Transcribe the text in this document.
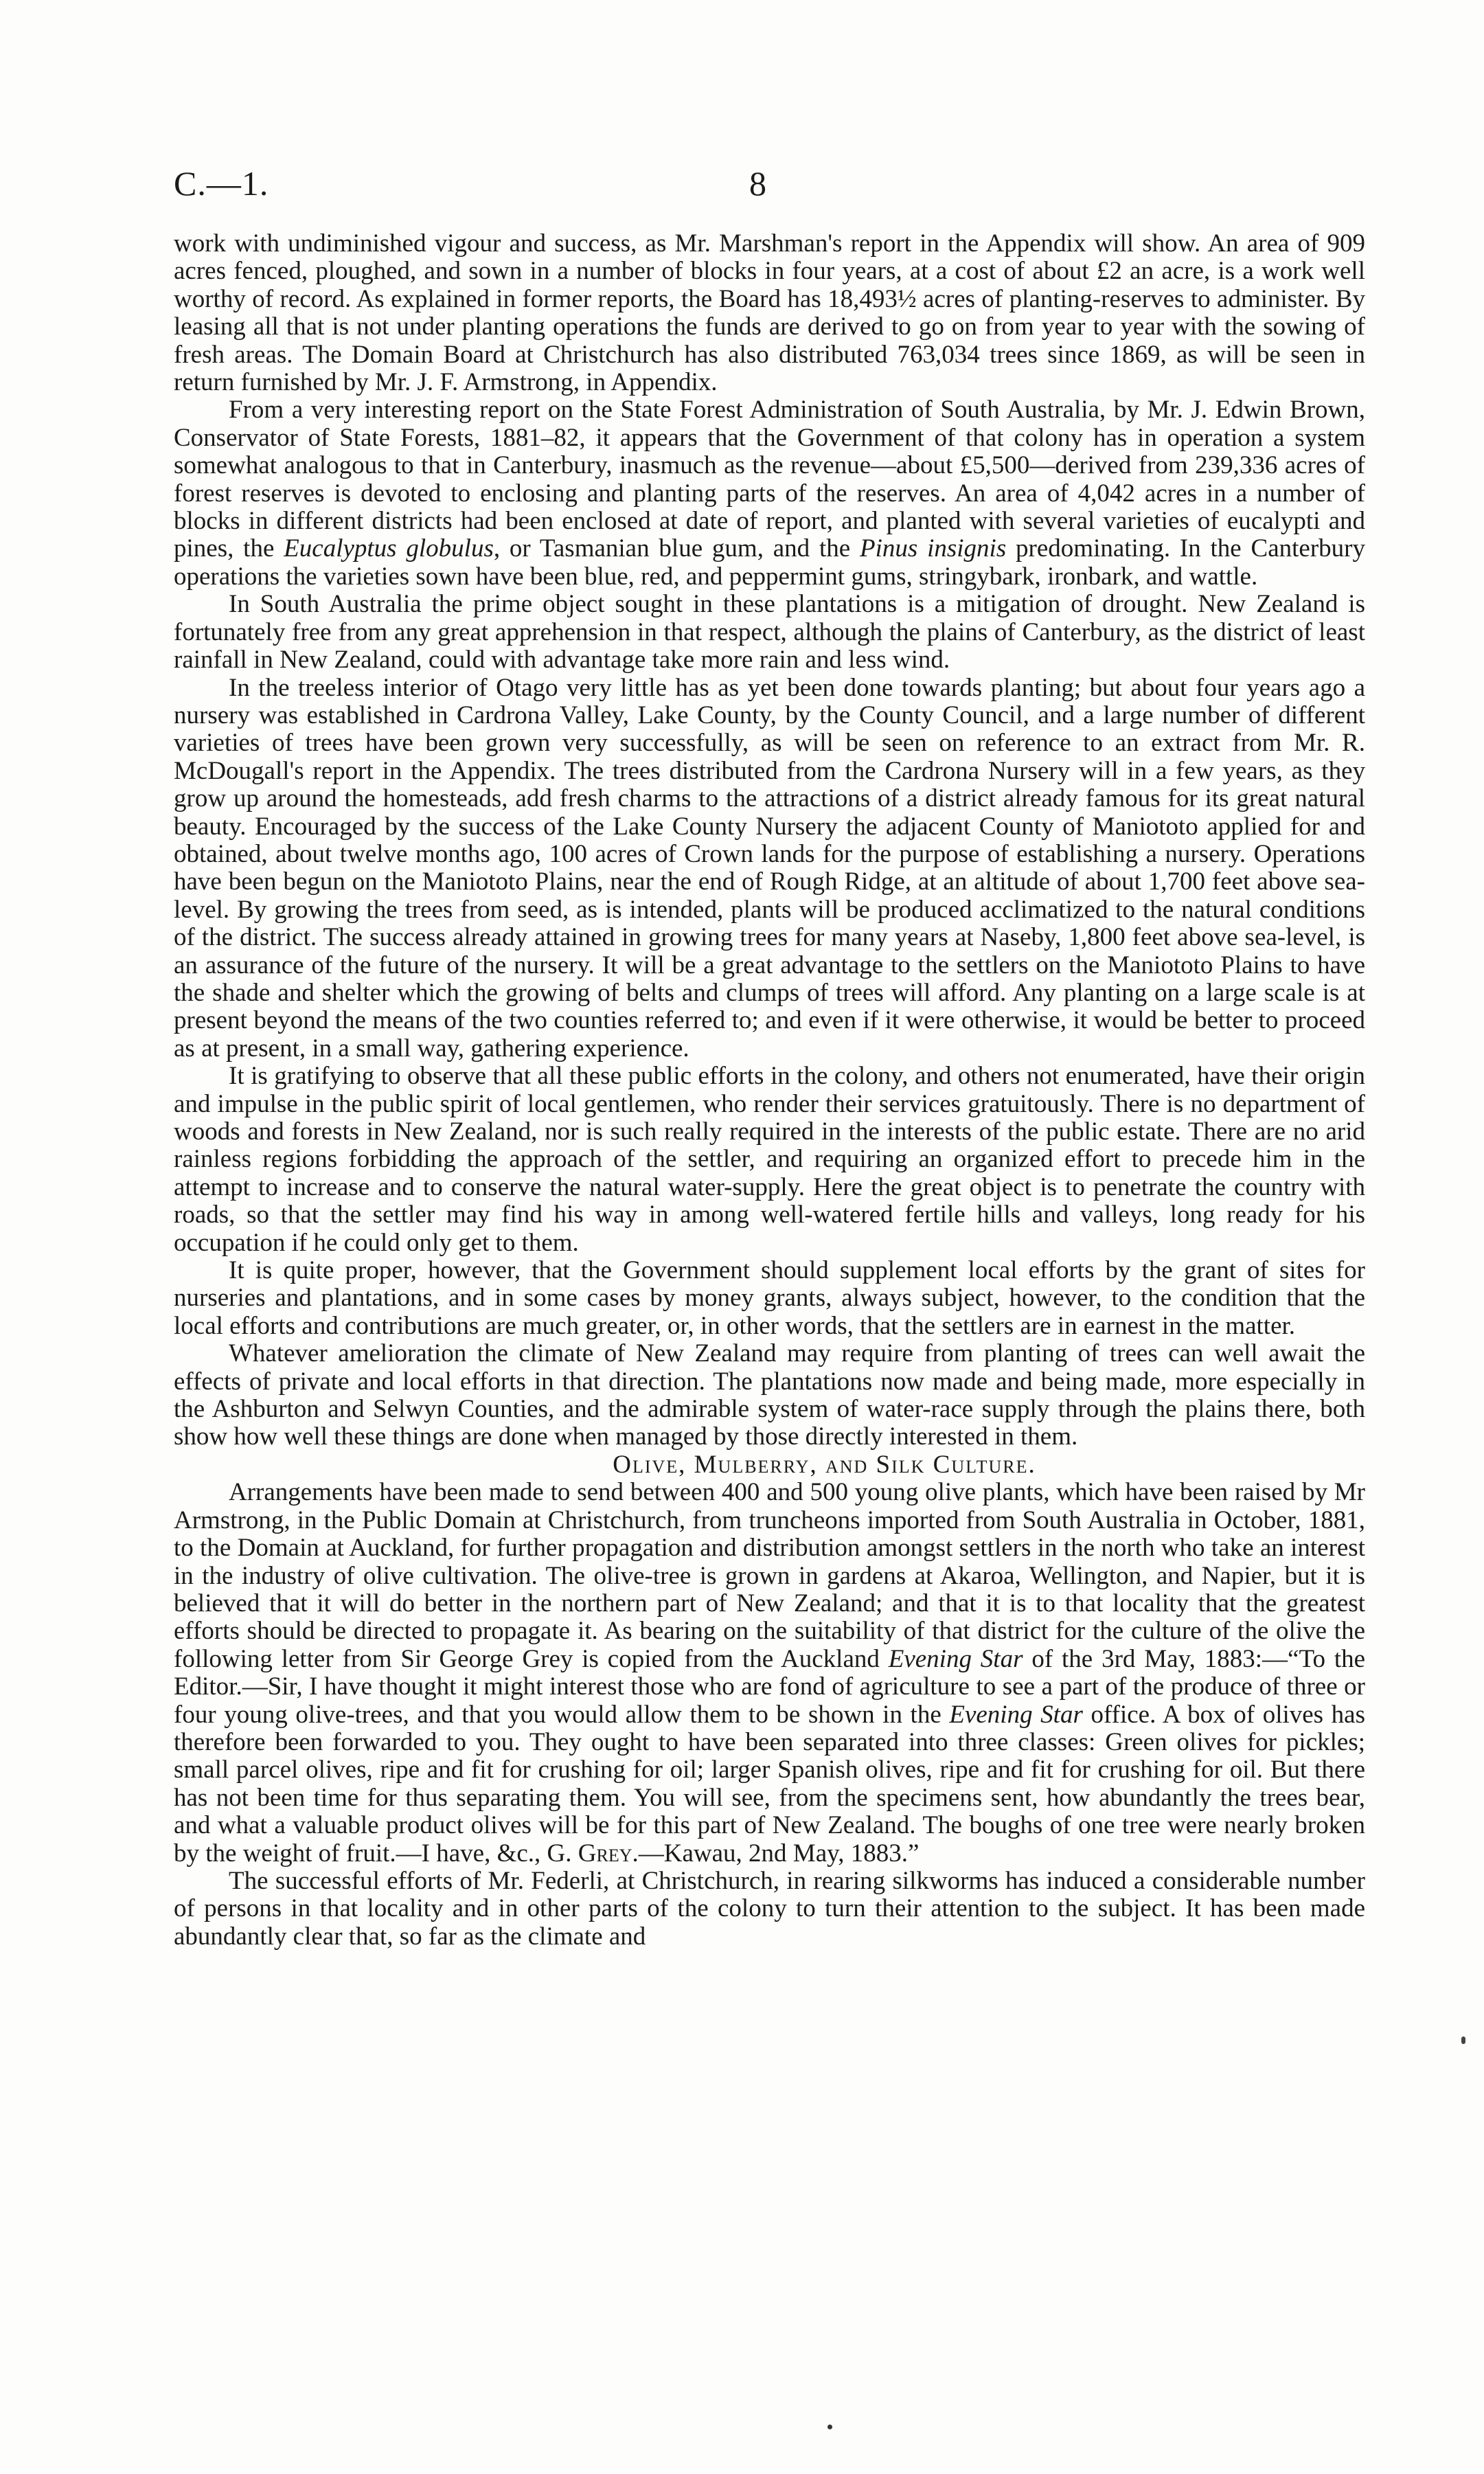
C.—1.	8

work with undiminished vigour and success, as Mr. Marshman's report in the Appendix will show. An area of 909 acres fenced, ploughed, and sown in a number of blocks in four years, at a cost of about £2 an acre, is a work well worthy of record. As explained in former reports, the Board has 18,493½ acres of planting-reserves to administer. By leasing all that is not under planting operations the funds are derived to go on from year to year with the sowing of fresh areas. The Domain Board at Christchurch has also distributed 763,034 trees since 1869, as will be seen in return furnished by Mr. J. F. Armstrong, in Appendix.

From a very interesting report on the State Forest Administration of South Australia, by Mr. J. Edwin Brown, Conservator of State Forests, 1881–82, it appears that the Government of that colony has in operation a system somewhat analogous to that in Canterbury, inasmuch as the revenue—about £5,500—derived from 239,336 acres of forest reserves is devoted to enclosing and planting parts of the reserves. An area of 4,042 acres in a number of blocks in different districts had been enclosed at date of report, and planted with several varieties of eucalypti and pines, the Eucalyptus globulus, or Tasmanian blue gum, and the Pinus insignis predominating. In the Canterbury operations the varieties sown have been blue, red, and peppermint gums, stringybark, ironbark, and wattle.

In South Australia the prime object sought in these plantations is a mitigation of drought. New Zealand is fortunately free from any great apprehension in that respect, although the plains of Canterbury, as the district of least rainfall in New Zealand, could with advantage take more rain and less wind.

In the treeless interior of Otago very little has as yet been done towards planting; but about four years ago a nursery was established in Cardrona Valley, Lake County, by the County Council, and a large number of different varieties of trees have been grown very successfully, as will be seen on reference to an extract from Mr. R. McDougall's report in the Appendix. The trees distributed from the Cardrona Nursery will in a few years, as they grow up around the homesteads, add fresh charms to the attractions of a district already famous for its great natural beauty. Encouraged by the success of the Lake County Nursery the adjacent County of Maniototo applied for and obtained, about twelve months ago, 100 acres of Crown lands for the purpose of establishing a nursery. Operations have been begun on the Maniototo Plains, near the end of Rough Ridge, at an altitude of about 1,700 feet above sea-level. By growing the trees from seed, as is intended, plants will be produced acclimatized to the natural conditions of the district. The success already attained in growing trees for many years at Naseby, 1,800 feet above sea-level, is an assurance of the future of the nursery. It will be a great advantage to the settlers on the Maniototo Plains to have the shade and shelter which the growing of belts and clumps of trees will afford. Any planting on a large scale is at present beyond the means of the two counties referred to; and even if it were otherwise, it would be better to proceed as at present, in a small way, gathering experience.

It is gratifying to observe that all these public efforts in the colony, and others not enumerated, have their origin and impulse in the public spirit of local gentlemen, who render their services gratuitously. There is no department of woods and forests in New Zealand, nor is such really required in the interests of the public estate. There are no arid rainless regions forbidding the approach of the settler, and requiring an organized effort to precede him in the attempt to increase and to conserve the natural water-supply. Here the great object is to penetrate the country with roads, so that the settler may find his way in among well-watered fertile hills and valleys, long ready for his occupation if he could only get to them.

It is quite proper, however, that the Government should supplement local efforts by the grant of sites for nurseries and plantations, and in some cases by money grants, always subject, however, to the condition that the local efforts and contributions are much greater, or, in other words, that the settlers are in earnest in the matter.

Whatever amelioration the climate of New Zealand may require from planting of trees can well await the effects of private and local efforts in that direction. The plantations now made and being made, more especially in the Ashburton and Selwyn Counties, and the admirable system of water-race supply through the plains there, both show how well these things are done when managed by those directly interested in them.

Olive, Mulberry, and Silk Culture.

Arrangements have been made to send between 400 and 500 young olive plants, which have been raised by Mr Armstrong, in the Public Domain at Christchurch, from truncheons imported from South Australia in October, 1881, to the Domain at Auckland, for further propagation and distribution amongst settlers in the north who take an interest in the industry of olive cultivation. The olive-tree is grown in gardens at Akaroa, Wellington, and Napier, but it is believed that it will do better in the northern part of New Zealand; and that it is to that locality that the greatest efforts should be directed to propagate it. As bearing on the suitability of that district for the culture of the olive the following letter from Sir George Grey is copied from the Auckland Evening Star of the 3rd May, 1883:—“To the Editor.—Sir, I have thought it might interest those who are fond of agriculture to see a part of the produce of three or four young olive-trees, and that you would allow them to be shown in the Evening Star office. A box of olives has therefore been forwarded to you. They ought to have been separated into three classes: Green olives for pickles; small parcel olives, ripe and fit for crushing for oil; larger Spanish olives, ripe and fit for crushing for oil. But there has not been time for thus separating them. You will see, from the specimens sent, how abundantly the trees bear, and what a valuable product olives will be for this part of New Zealand. The boughs of one tree were nearly broken by the weight of fruit.—I have, &c., G. Grey.—Kawau, 2nd May, 1883.”

The successful efforts of Mr. Federli, at Christchurch, in rearing silkworms has induced a considerable number of persons in that locality and in other parts of the colony to turn their attention to the subject. It has been made abundantly clear that, so far as the climate and
